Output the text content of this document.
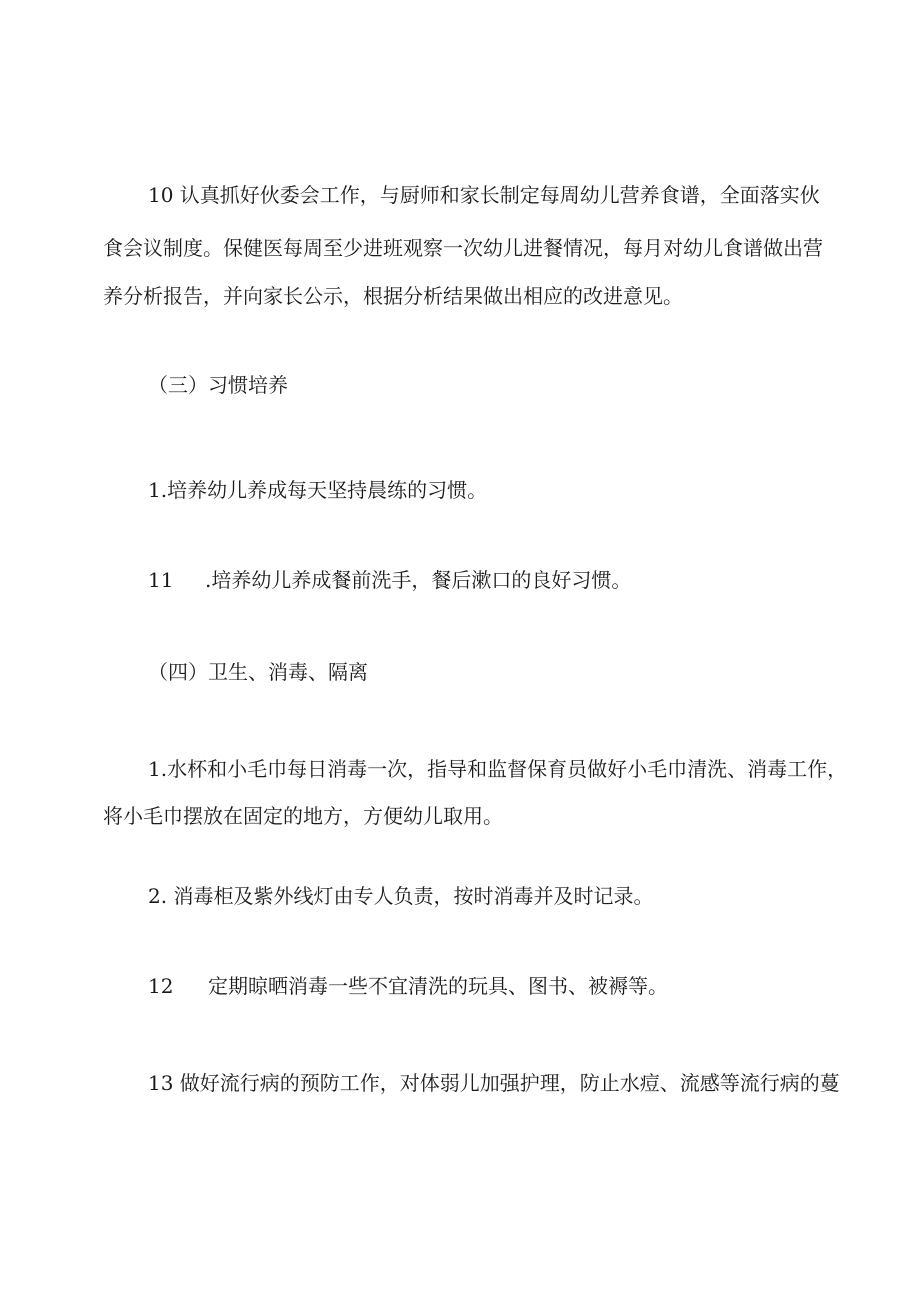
10 认真抓好伙委会工作，与厨师和家长制定每周幼儿营养食谱，全面落实伙
食会议制度。保健医每周至少进班观察一次幼儿进餐情况，每月对幼儿食谱做出营
养分析报告，并向家长公示，根据分析结果做出相应的改进意见。
（三）习惯培养
1.培养幼儿养成每天坚持晨练的习惯。
11 .培养幼儿养成餐前洗手，餐后漱口的良好习惯。
（四）卫生、消毒、隔离
1.水杯和小毛巾每日消毒一次，指导和监督保育员做好小毛巾清洗、消毒工作，
将小毛巾摆放在固定的地方，方便幼儿取用。
2. 消毒柜及紫外线灯由专人负责，按时消毒并及时记录。
12 定期晾晒消毒一些不宜清洗的玩具、图书、被褥等。
13 做好流行病的预防工作，对体弱儿加强护理，防止水痘、流感等流行病的蔓
